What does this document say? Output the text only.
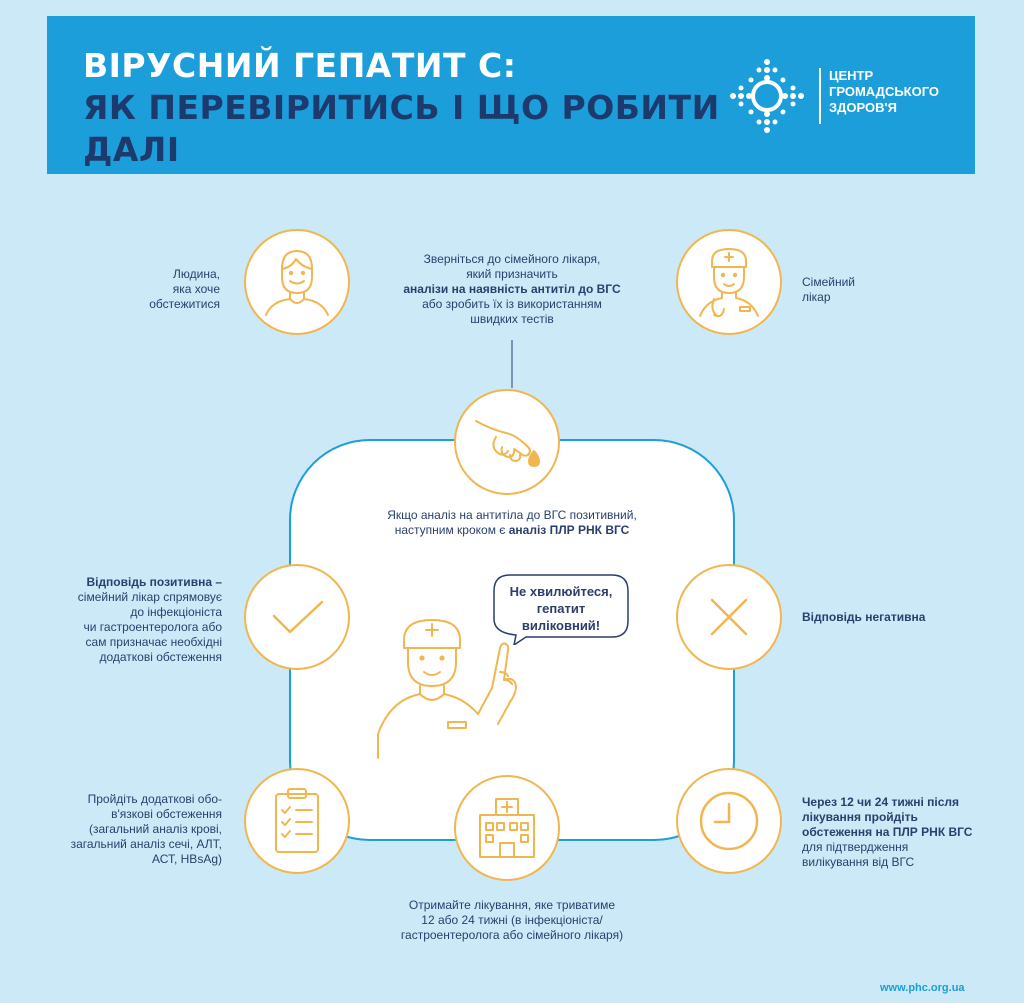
ВІРУСНИЙ ГЕПАТИТ С:
ЯК ПЕРЕВІРИТИСЬ І ЩО РОБИТИ
ДАЛІ
ЦЕНТР
ГРОМАДСЬКОГО
ЗДОРОВ'Я
Людина,
яка хоче
обстежитися
Зверніться до сімейного лікаря,
який призначить
аналізи на наявність антитіл до ВГС
або зробить їх із використанням
швидких тестів
Сімейний
лікар
Якщо аналіз на антитіла до ВГС позитивний,
наступним кроком є аналіз ПЛР РНК ВГС
Відповідь позитивна –
сімейний лікар спрямовує
до інфекціоніста
чи гастроентеролога або
сам призначає необхідні
додаткові обстеження
Відповідь негативна
Не хвилюйтеся,
гепатит
виліковний!
Пройдіть додаткові обо-
в'язкові обстеження
(загальний аналіз крові,
загальний аналіз сечі, АЛТ,
АСТ, HBsAg)
Отримайте лікування, яке триватиме
12 або 24 тижні (в інфекціоніста/
гастроентеролога або сімейного лікаря)
Через 12 чи 24 тижні після
лікування пройдіть
обстеження на ПЛР РНК ВГС
для підтвердження
вилікування від ВГС
www.phc.org.ua
